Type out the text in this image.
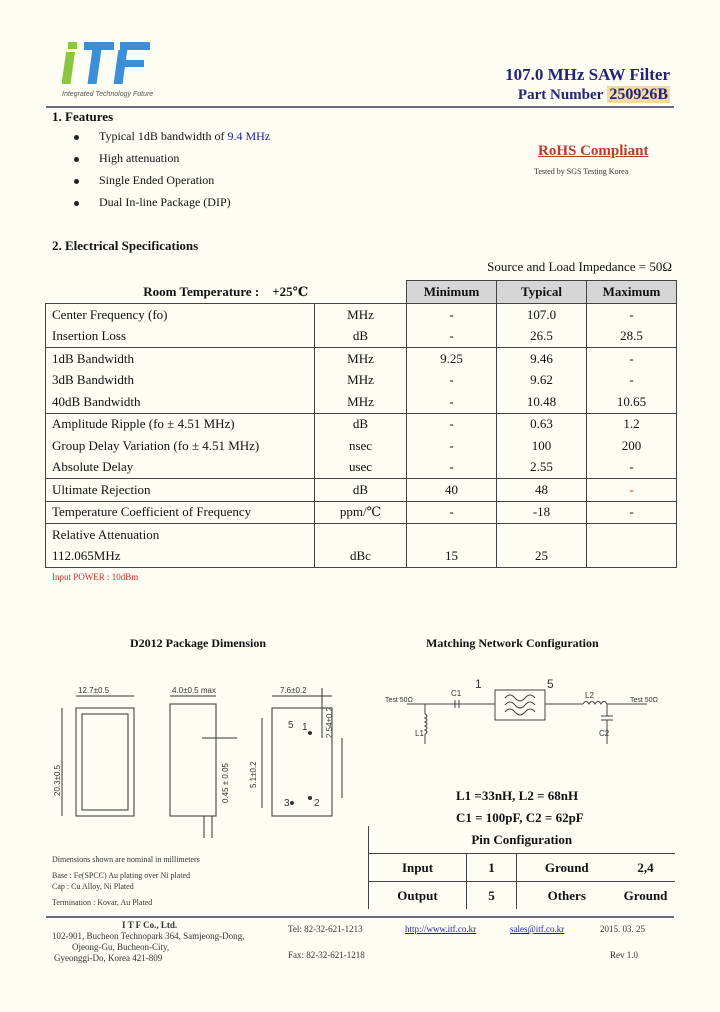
Integrated Technology Future
107.0 MHz SAW Filter
Part Number 250926B
1. Features
Typical 1dB bandwidth of 9.4 MHz
High attenuation
Single Ended Operation
Dual In-line Package (DIP)
RoHS Compliant
Tested by SGS Testing Korea
2. Electrical Specifications
Source and Load Impedance = 50Ω
Room Temperature : +25℃		Minimum	Typical	Maximum
Center Frequency (fo)	MHz	-	107.0	-
Insertion Loss	dB	-	26.5	28.5
1dB Bandwidth	MHz	9.25	9.46	-
3dB Bandwidth	MHz	-	9.62	-
40dB Bandwidth	MHz	-	10.48	10.65
Amplitude Ripple (fo ± 4.51 MHz)	dB	-	0.63	1.2
Group Delay Variation (fo ± 4.51 MHz)	nsec	-	100	200
Absolute Delay	usec	-	2.55	-
Ultimate Rejection	dB	40	48	-
Temperature Coefficient of Frequency	ppm/℃	-	-18	-
Relative Attenuation				
112.065MHz	dBc	15	25	
Input POWER : 10dBm
D2012 Package Dimension
12.7±0.5	4.0±0.5 max	7.6±0.2
20.3±0.5	0.45 ± 0.05 5.1±0.2
2.54±0.2
1
5
3 2
Dimensions shown are nominal in millimeters
Base : Fe(SPCC) Au plating over Ni plated
Cap : Cu Alloy, Ni Plated
Termination : Kovar, Au Plated
Matching Network Configuration
Test 50Ω	Test 50Ω
L1
C1	L2
C2
1	5
L1 =33nH, L2 = 68nH
C1 = 100pF, C2 = 62pF
Pin Configuration			
Input	1	Ground	2,4
Output	5	Others	Ground
I T F Co., Ltd.
102-901, Bucheon Technopark 364, Samjeong-Dong,
Ojeong-Gu, Bucheon-City,
Gyeonggi-Do, Korea 421-809
Tel: 82-32-621-1213
Fax: 82-32-621-1218
http://www.itf.co.kr	sales@itf.co.kr	2015. 03. 25
Rev 1.0
